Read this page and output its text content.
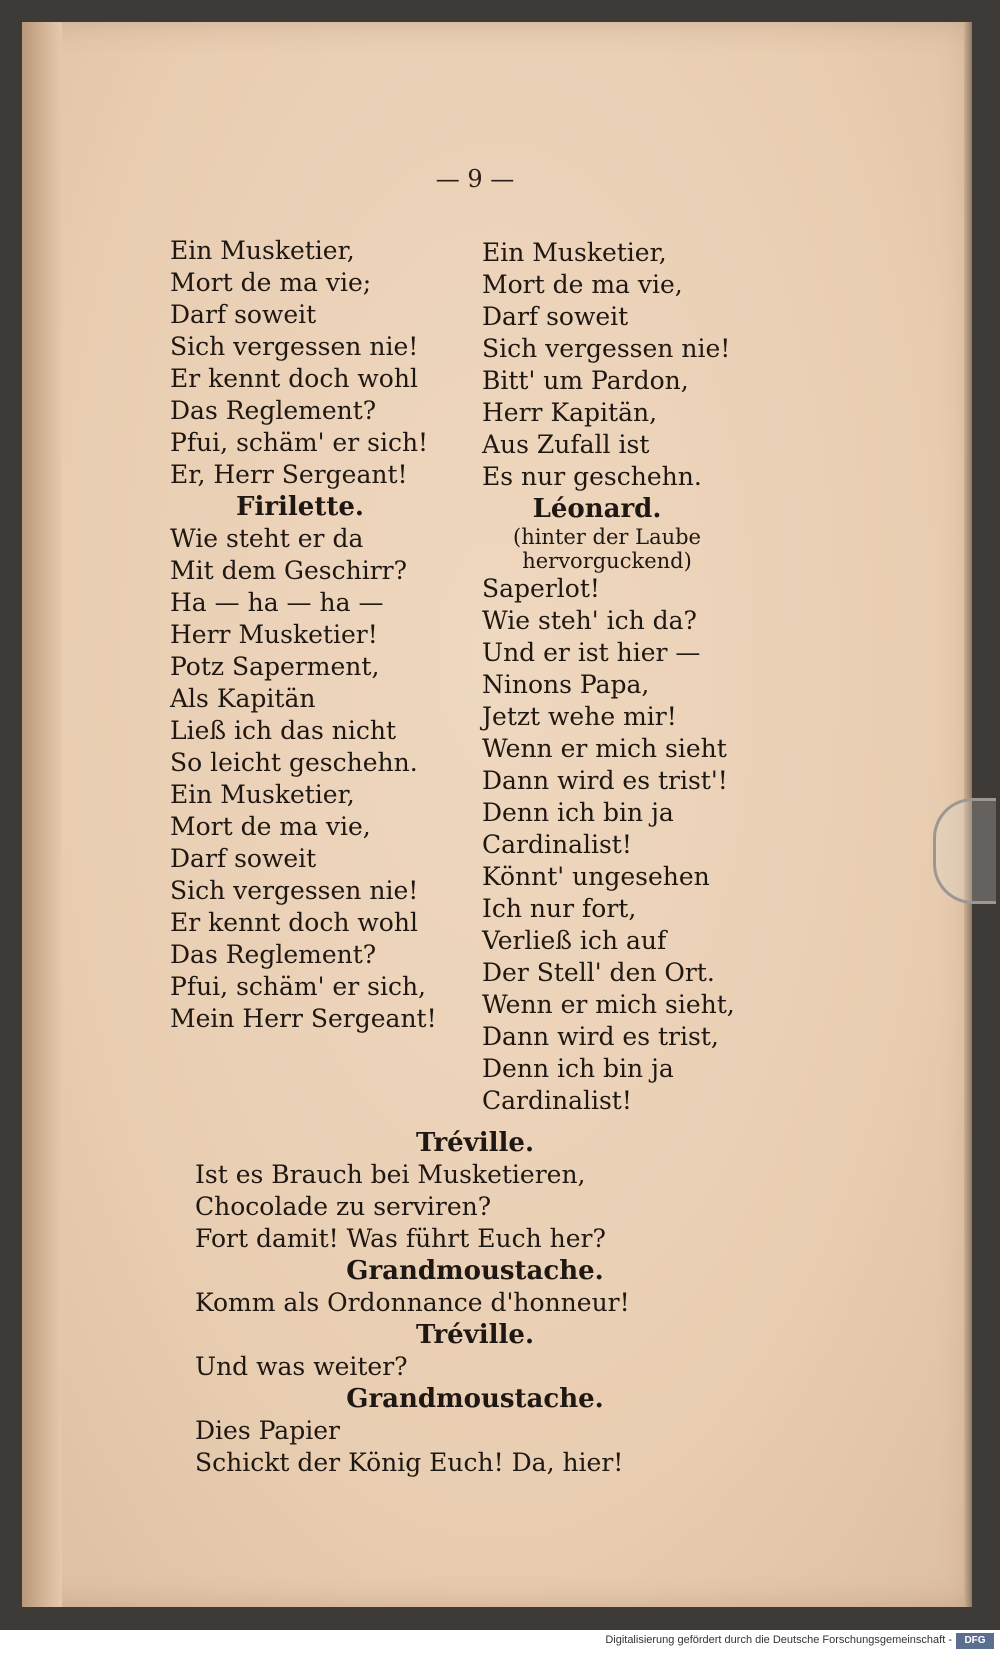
— 9 —
Ein Musketier,
Mort de ma vie;
Darf soweit
Sich vergessen nie!
Er kennt doch wohl
Das Reglement?
Pfui, schäm' er sich!
Er, Herr Sergeant!
Firilette.
Wie steht er da
Mit dem Geschirr?
Ha — ha — ha —
Herr Musketier!
Potz Saperment,
Als Kapitän
Ließ ich das nicht
So leicht geschehn.
Ein Musketier,
Mort de ma vie,
Darf soweit
Sich vergessen nie!
Er kennt doch wohl
Das Reglement?
Pfui, schäm' er sich,
Mein Herr Sergeant!
Ein Musketier,
Mort de ma vie,
Darf soweit
Sich vergessen nie!
Bitt' um Pardon,
Herr Kapitän,
Aus Zufall ist
Es nur geschehn.
Léonard.
(hinter der Laube
hervorguckend)
Saperlot!
Wie steh' ich da?
Und er ist hier —
Ninons Papa,
Jetzt wehe mir!
Wenn er mich sieht
Dann wird es trist'!
Denn ich bin ja
Cardinalist!
Könnt' ungesehen
Ich nur fort,
Verließ ich auf
Der Stell' den Ort.
Wenn er mich sieht,
Dann wird es trist,
Denn ich bin ja
Cardinalist!
Tréville.
Ist es Brauch bei Musketieren,
Chocolade zu serviren?
Fort damit! Was führt Euch her?
Grandmoustache.
Komm als Ordonnance d'honneur!
Tréville.
Und was weiter?
Grandmoustache.
Dies Papier
Schickt der König Euch! Da, hier!
Digitalisierung gefördert durch die Deutsche Forschungsgemeinschaft -	DFG
